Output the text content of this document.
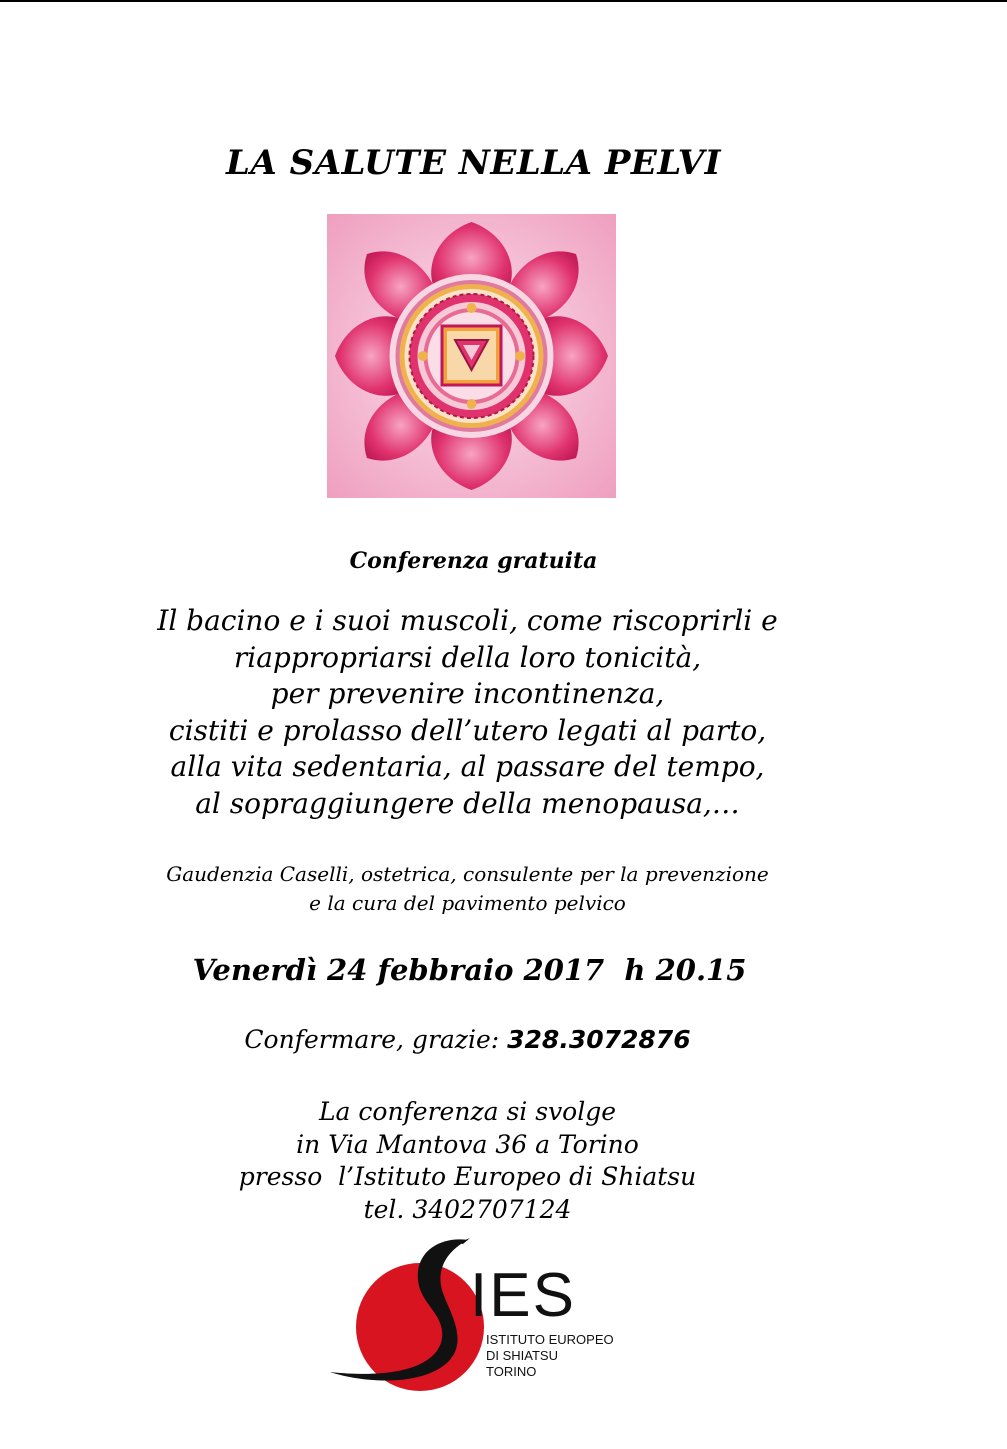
LA SALUTE NELLA PELVI
Conferenza gratuita
Il bacino e i suoi muscoli, come riscoprirli e
riappropriarsi della loro tonicità,
per prevenire incontinenza,
cistiti e prolasso dell’utero legati al parto,
alla vita sedentaria, al passare del tempo,
al sopraggiungere della menopausa,…
Gaudenzia Caselli, ostetrica, consulente per la prevenzione
e la cura del pavimento pelvico
Venerdì 24 febbraio 2017  h 20.15
Confermare, grazie: 328.3072876
La conferenza si svolge
in Via Mantova 36 a Torino
presso  l’Istituto Europeo di Shiatsu
tel. 3402707124
IES
ISTITUTO EUROPEO
DI SHIATSU
TORINO
